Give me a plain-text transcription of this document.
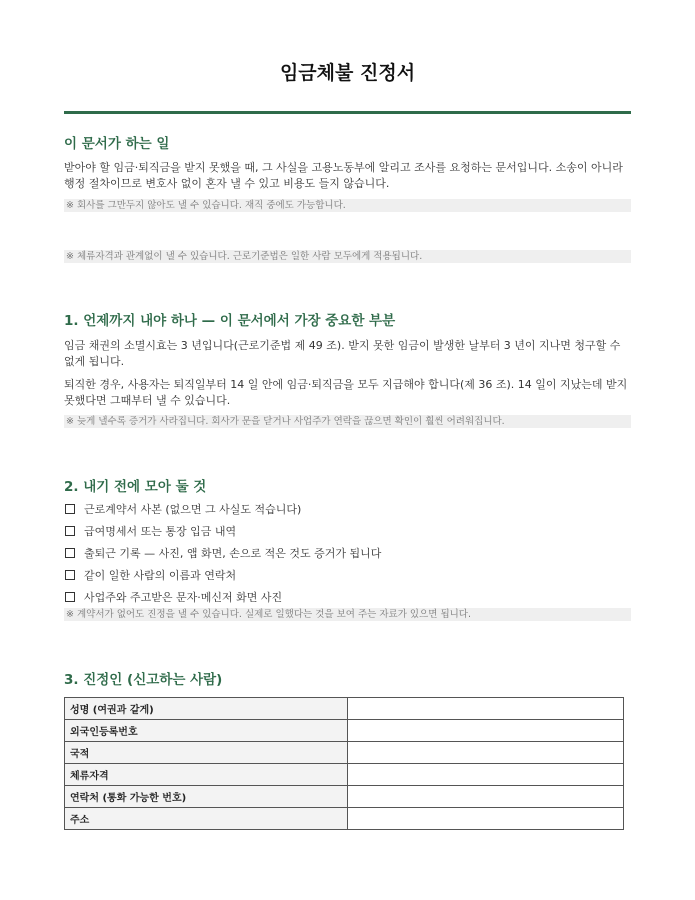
임금체불 진정서

이 문서가 하는 일

받아야 할 임금·퇴직금을 받지 못했을 때, 그 사실을 고용노동부에 알리고 조사를 요청하는 문서입니다. 소송이 아니라 행정 절차이므로 변호사 없이 혼자 낼 수 있고 비용도 들지 않습니다.

※ 회사를 그만두지 않아도 낼 수 있습니다. 재직 중에도 가능합니다.

※ 체류자격과 관계없이 낼 수 있습니다. 근로기준법은 일한 사람 모두에게 적용됩니다.

1. 언제까지 내야 하나 — 이 문서에서 가장 중요한 부분

임금 채권의 소멸시효는 3 년입니다(근로기준법 제 49 조). 받지 못한 임금이 발생한 날부터 3 년이 지나면 청구할 수 없게 됩니다.

퇴직한 경우, 사용자는 퇴직일부터 14 일 안에 임금·퇴직금을 모두 지급해야 합니다(제 36 조). 14 일이 지났는데 받지 못했다면 그때부터 낼 수 있습니다.

※ 늦게 낼수록 증거가 사라집니다. 회사가 문을 닫거나 사업주가 연락을 끊으면 확인이 훨씬 어려워집니다.

2. 내기 전에 모아 둘 것

근로계약서 사본 (없으면 그 사실도 적습니다)
급여명세서 또는 통장 입금 내역
출퇴근 기록 — 사진, 앱 화면, 손으로 적은 것도 증거가 됩니다
같이 일한 사람의 이름과 연락처
사업주와 주고받은 문자·메신저 화면 사진

※ 계약서가 없어도 진정을 낼 수 있습니다. 실제로 일했다는 것을 보여 주는 자료가 있으면 됩니다.

3. 진정인 (신고하는 사람)

성명 (여권과 같게)	
외국인등록번호	
국적	
체류자격	
연락처 (통화 가능한 번호)	
주소	
